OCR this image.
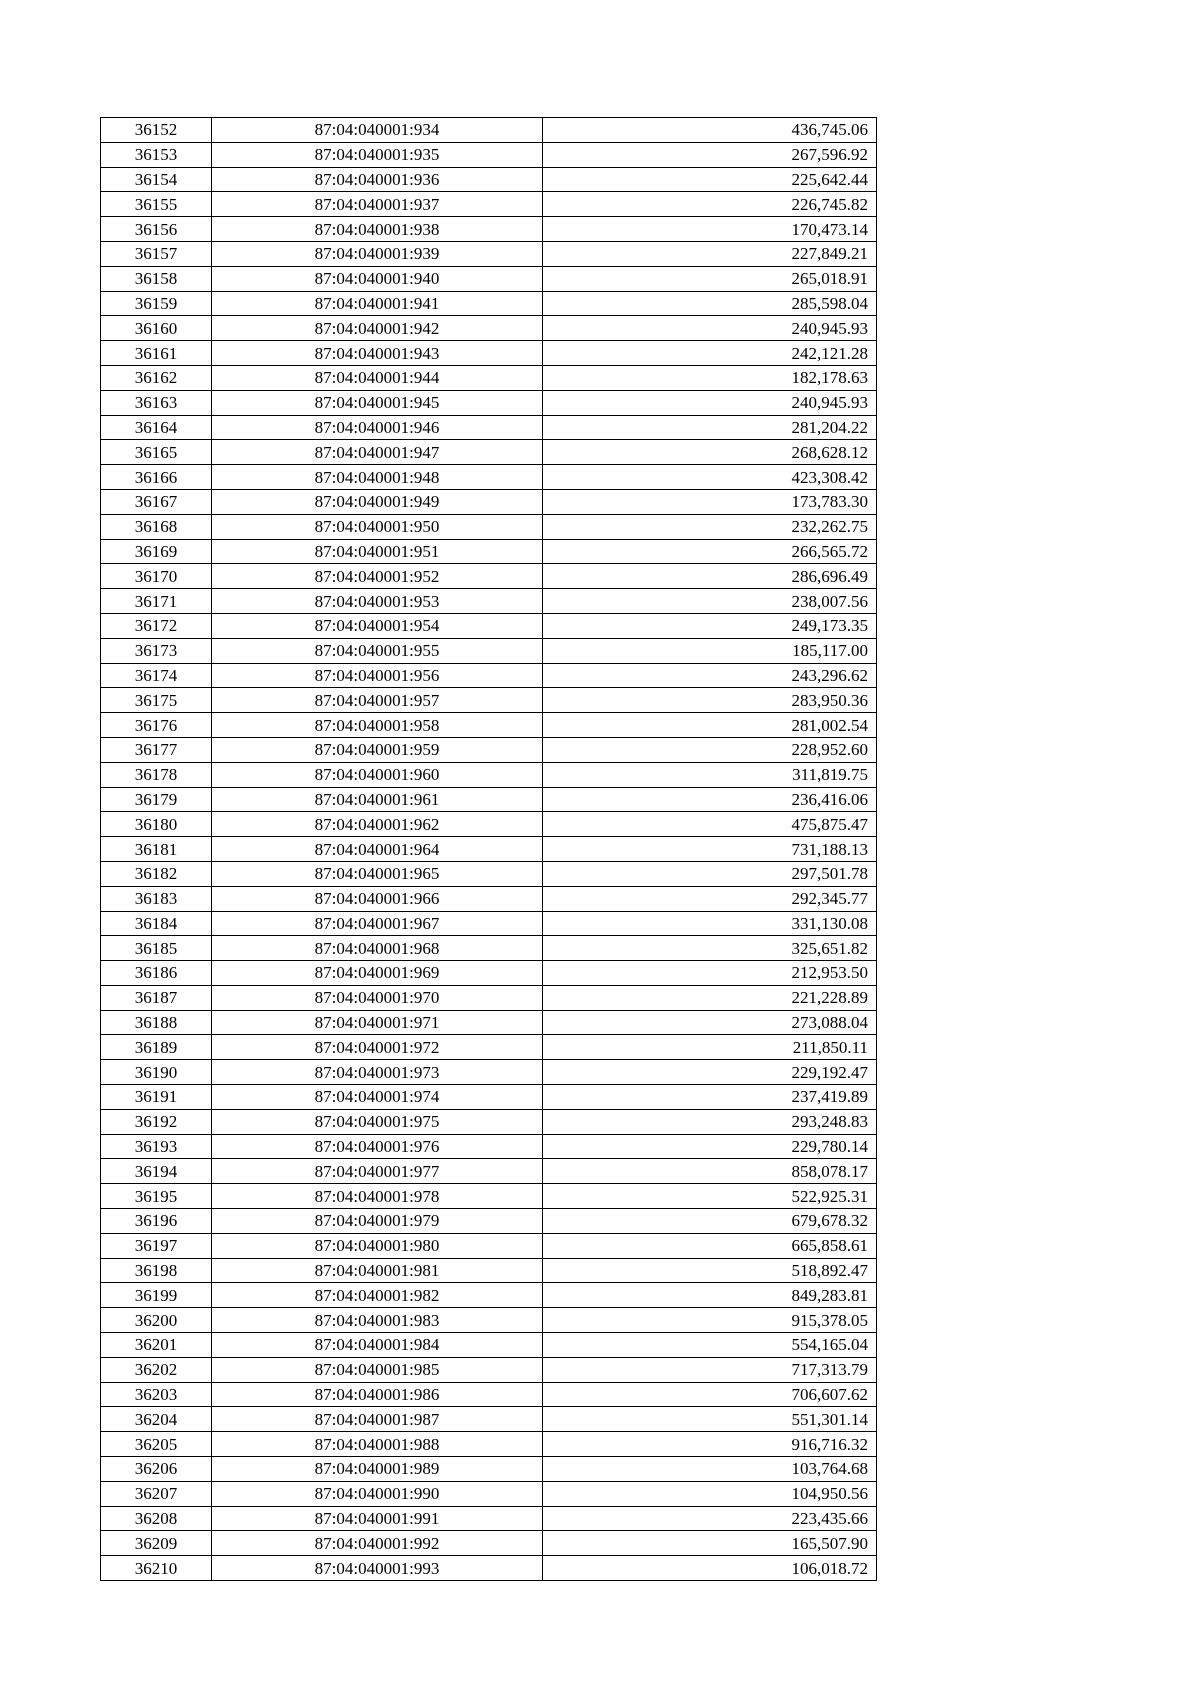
36152	87:04:040001:934	436,745.06
36153	87:04:040001:935	267,596.92
36154	87:04:040001:936	225,642.44
36155	87:04:040001:937	226,745.82
36156	87:04:040001:938	170,473.14
36157	87:04:040001:939	227,849.21
36158	87:04:040001:940	265,018.91
36159	87:04:040001:941	285,598.04
36160	87:04:040001:942	240,945.93
36161	87:04:040001:943	242,121.28
36162	87:04:040001:944	182,178.63
36163	87:04:040001:945	240,945.93
36164	87:04:040001:946	281,204.22
36165	87:04:040001:947	268,628.12
36166	87:04:040001:948	423,308.42
36167	87:04:040001:949	173,783.30
36168	87:04:040001:950	232,262.75
36169	87:04:040001:951	266,565.72
36170	87:04:040001:952	286,696.49
36171	87:04:040001:953	238,007.56
36172	87:04:040001:954	249,173.35
36173	87:04:040001:955	185,117.00
36174	87:04:040001:956	243,296.62
36175	87:04:040001:957	283,950.36
36176	87:04:040001:958	281,002.54
36177	87:04:040001:959	228,952.60
36178	87:04:040001:960	311,819.75
36179	87:04:040001:961	236,416.06
36180	87:04:040001:962	475,875.47
36181	87:04:040001:964	731,188.13
36182	87:04:040001:965	297,501.78
36183	87:04:040001:966	292,345.77
36184	87:04:040001:967	331,130.08
36185	87:04:040001:968	325,651.82
36186	87:04:040001:969	212,953.50
36187	87:04:040001:970	221,228.89
36188	87:04:040001:971	273,088.04
36189	87:04:040001:972	211,850.11
36190	87:04:040001:973	229,192.47
36191	87:04:040001:974	237,419.89
36192	87:04:040001:975	293,248.83
36193	87:04:040001:976	229,780.14
36194	87:04:040001:977	858,078.17
36195	87:04:040001:978	522,925.31
36196	87:04:040001:979	679,678.32
36197	87:04:040001:980	665,858.61
36198	87:04:040001:981	518,892.47
36199	87:04:040001:982	849,283.81
36200	87:04:040001:983	915,378.05
36201	87:04:040001:984	554,165.04
36202	87:04:040001:985	717,313.79
36203	87:04:040001:986	706,607.62
36204	87:04:040001:987	551,301.14
36205	87:04:040001:988	916,716.32
36206	87:04:040001:989	103,764.68
36207	87:04:040001:990	104,950.56
36208	87:04:040001:991	223,435.66
36209	87:04:040001:992	165,507.90
36210	87:04:040001:993	106,018.72
